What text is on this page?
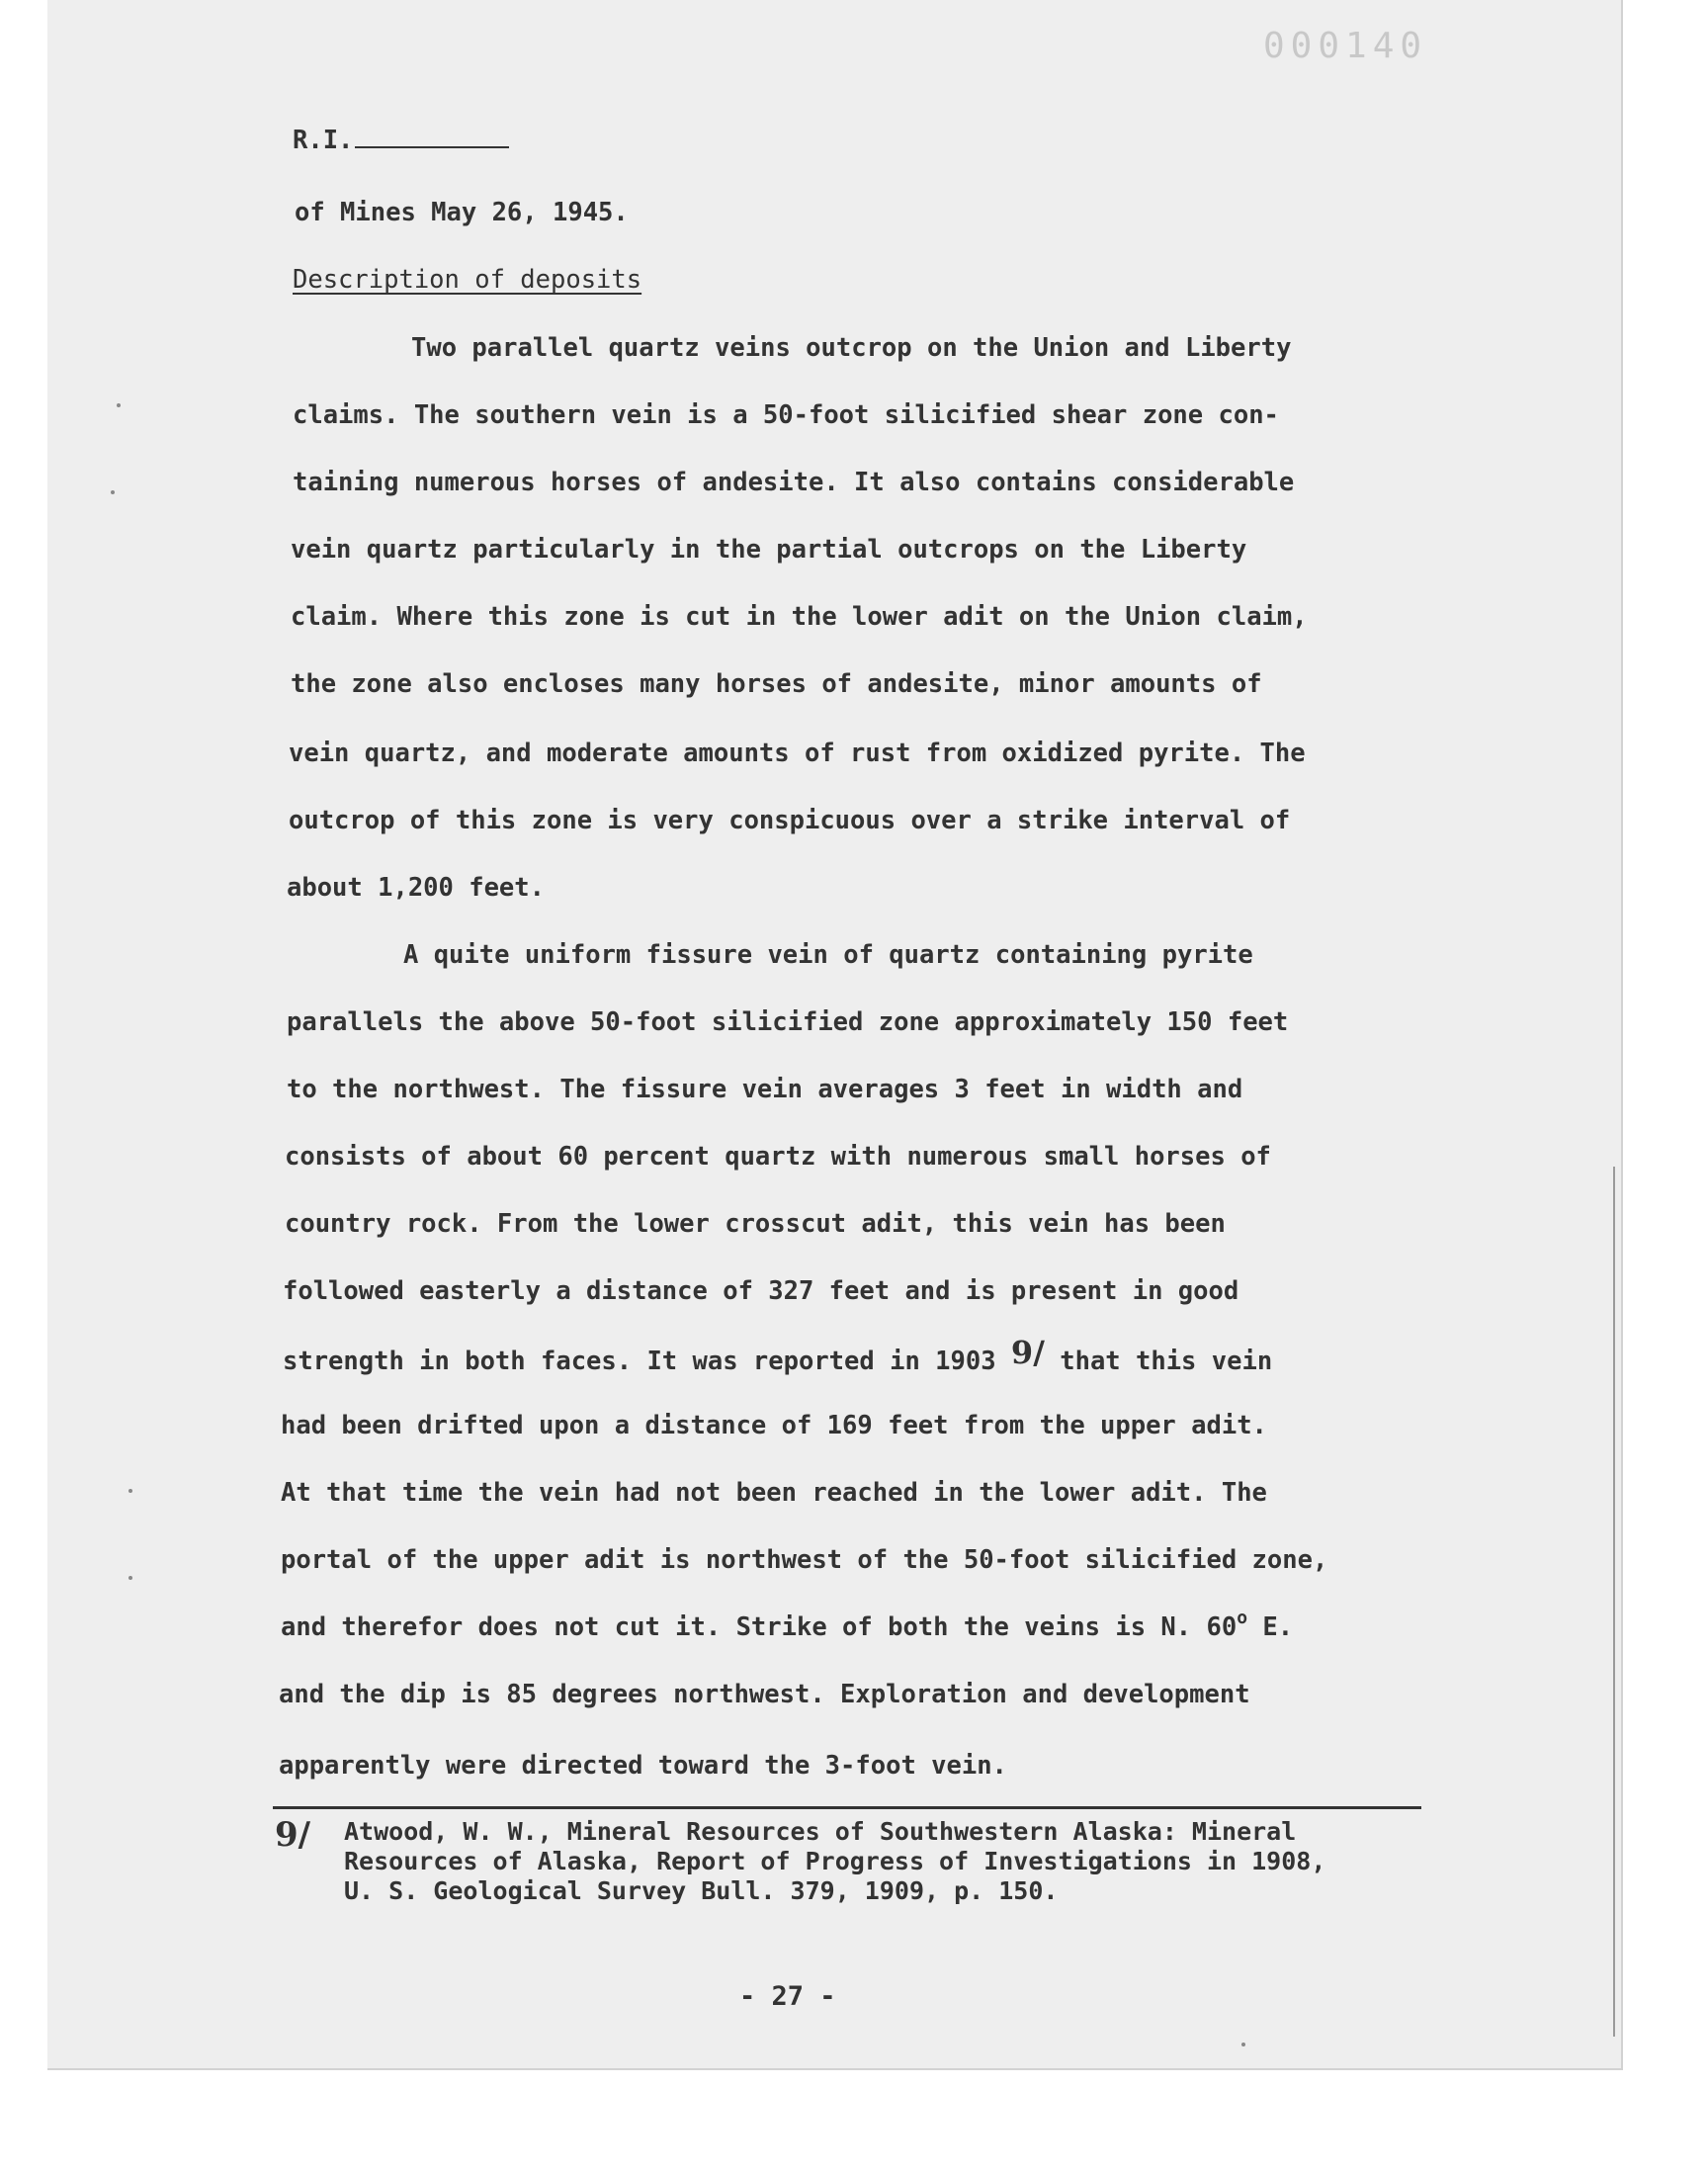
000140
R.I.
of Mines May 26, 1945.
Description of deposits
Two parallel quartz veins outcrop on the Union and Liberty
claims. The southern vein is a 50-foot silicified shear zone con-
taining numerous horses of andesite. It also contains considerable
vein quartz particularly in the partial outcrops on the Liberty
claim. Where this zone is cut in the lower adit on the Union claim,
the zone also encloses many horses of andesite, minor amounts of
vein quartz, and moderate amounts of rust from oxidized pyrite. The
outcrop of this zone is very conspicuous over a strike interval of
about 1,200 feet.
A quite uniform fissure vein of quartz containing pyrite
parallels the above 50-foot silicified zone approximately 150 feet
to the northwest. The fissure vein averages 3 feet in width and
consists of about 60 percent quartz with numerous small horses of
country rock. From the lower crosscut adit, this vein has been
followed easterly a distance of 327 feet and is present in good
strength in both faces. It was reported in 1903 9/ that this vein
had been drifted upon a distance of 169 feet from the upper adit.
At that time the vein had not been reached in the lower adit. The
portal of the upper adit is northwest of the 50-foot silicified zone,
and therefor does not cut it. Strike of both the veins is N. 60$^o$ E.
and the dip is 85 degrees northwest. Exploration and development
apparently were directed toward the 3-foot vein.
9/ Atwood, W. W., Mineral Resources of Southwestern Alaska: Mineral
Resources of Alaska, Report of Progress of Investigations in 1908,
U. S. Geological Survey Bull. 379, 1909, p. 150.
- 27 -
